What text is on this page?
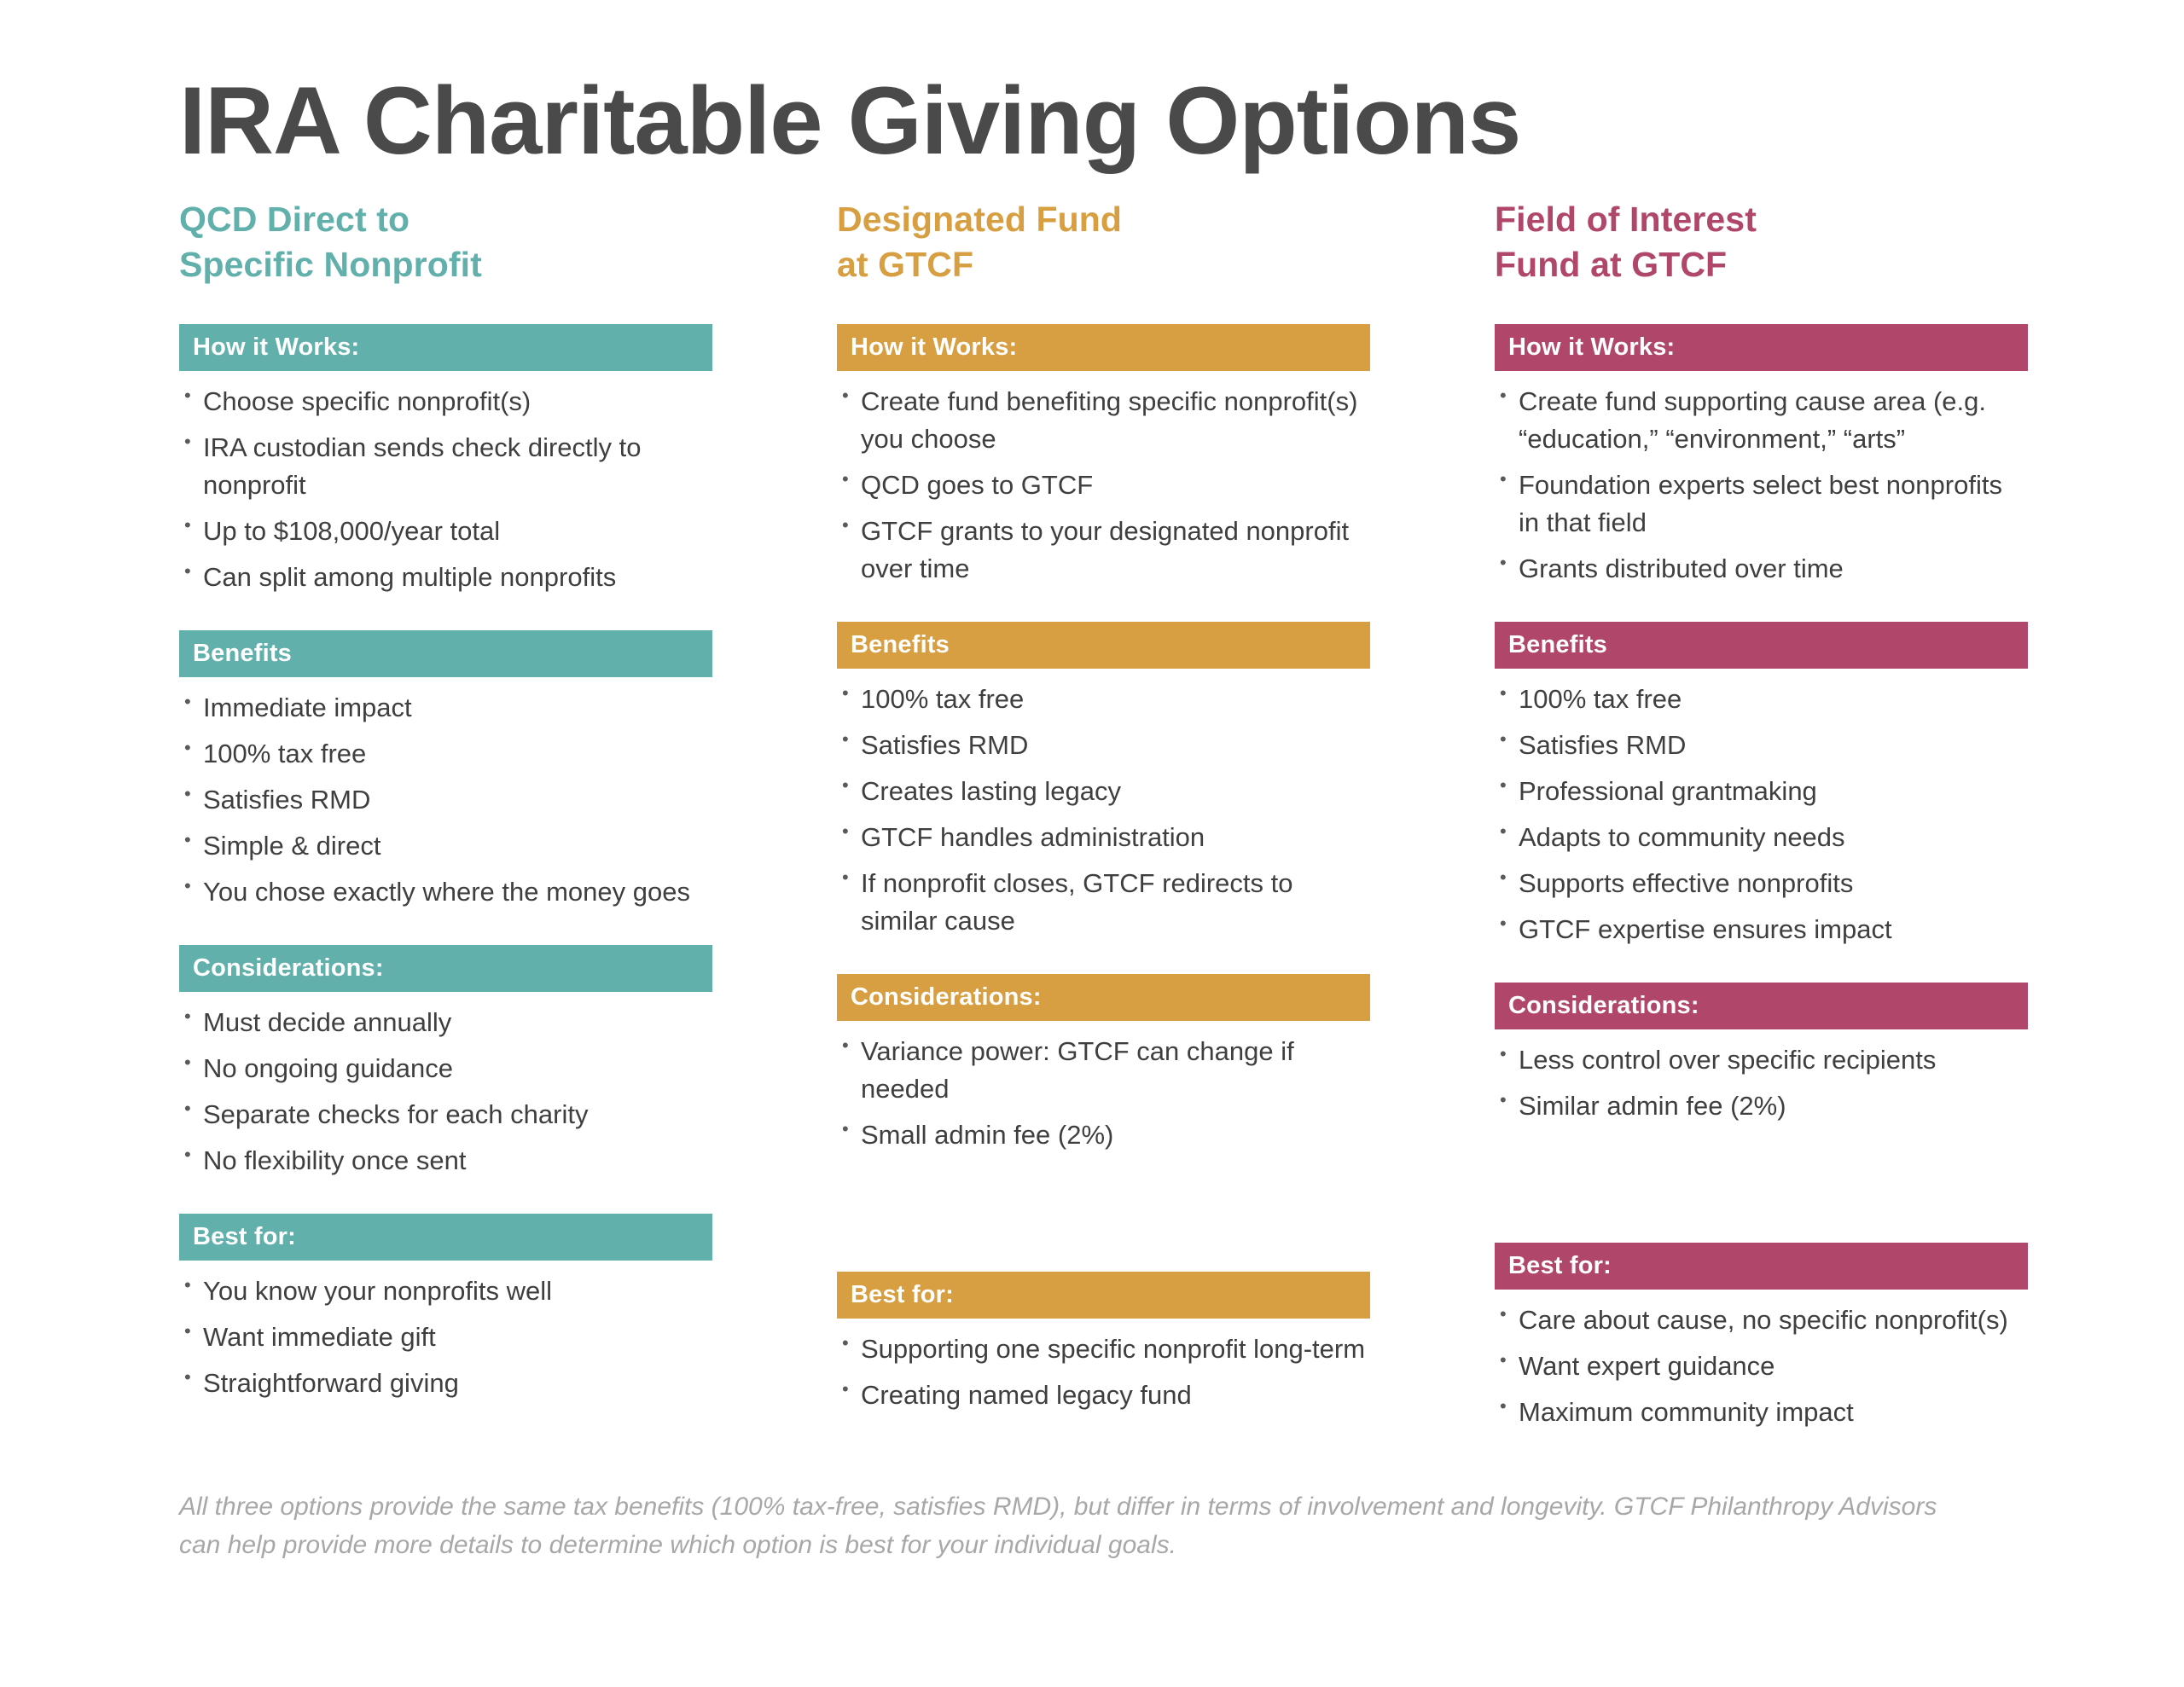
IRA Charitable Giving Options
QCD Direct to
Specific Nonprofit
How it Works:
• Choose specific nonprofit(s)
• IRA custodian sends check directly to nonprofit
• Up to $108,000/year total
• Can split among multiple nonprofits
Benefits
• Immediate impact
• 100% tax free
• Satisfies RMD
• Simple & direct
• You chose exactly where the money goes
Considerations:
• Must decide annually
• No ongoing guidance
• Separate checks for each charity
• No flexibility once sent
Best for:
• You know your nonprofits well
• Want immediate gift
• Straightforward giving
Designated Fund
at GTCF
How it Works:
• Create fund benefiting specific nonprofit(s) you choose
• QCD goes to GTCF
• GTCF grants to your designated nonprofit over time
Benefits
• 100% tax free
• Satisfies RMD
• Creates lasting legacy
• GTCF handles administration
• If nonprofit closes, GTCF redirects to similar cause
Considerations:
• Variance power: GTCF can change if needed
• Small admin fee (2%)
Best for:
• Supporting one specific nonprofit long-term
• Creating named legacy fund
Field of Interest
Fund at GTCF
How it Works:
• Create fund supporting cause area (e.g. “education,” “environment,” “arts”
• Foundation experts select best nonprofits in that field
• Grants distributed over time
Benefits
• 100% tax free
• Satisfies RMD
• Professional grantmaking
• Adapts to community needs
• Supports effective nonprofits
• GTCF expertise ensures impact
Considerations:
• Less control over specific recipients
• Similar admin fee (2%)
Best for:
• Care about cause, no specific nonprofit(s)
• Want expert guidance
• Maximum community impact
All three options provide the same tax benefits (100% tax-free, satisfies RMD), but differ in terms of involvement and longevity. GTCF Philanthropy Advisors can help provide more details to determine which option is best for your individual goals.
